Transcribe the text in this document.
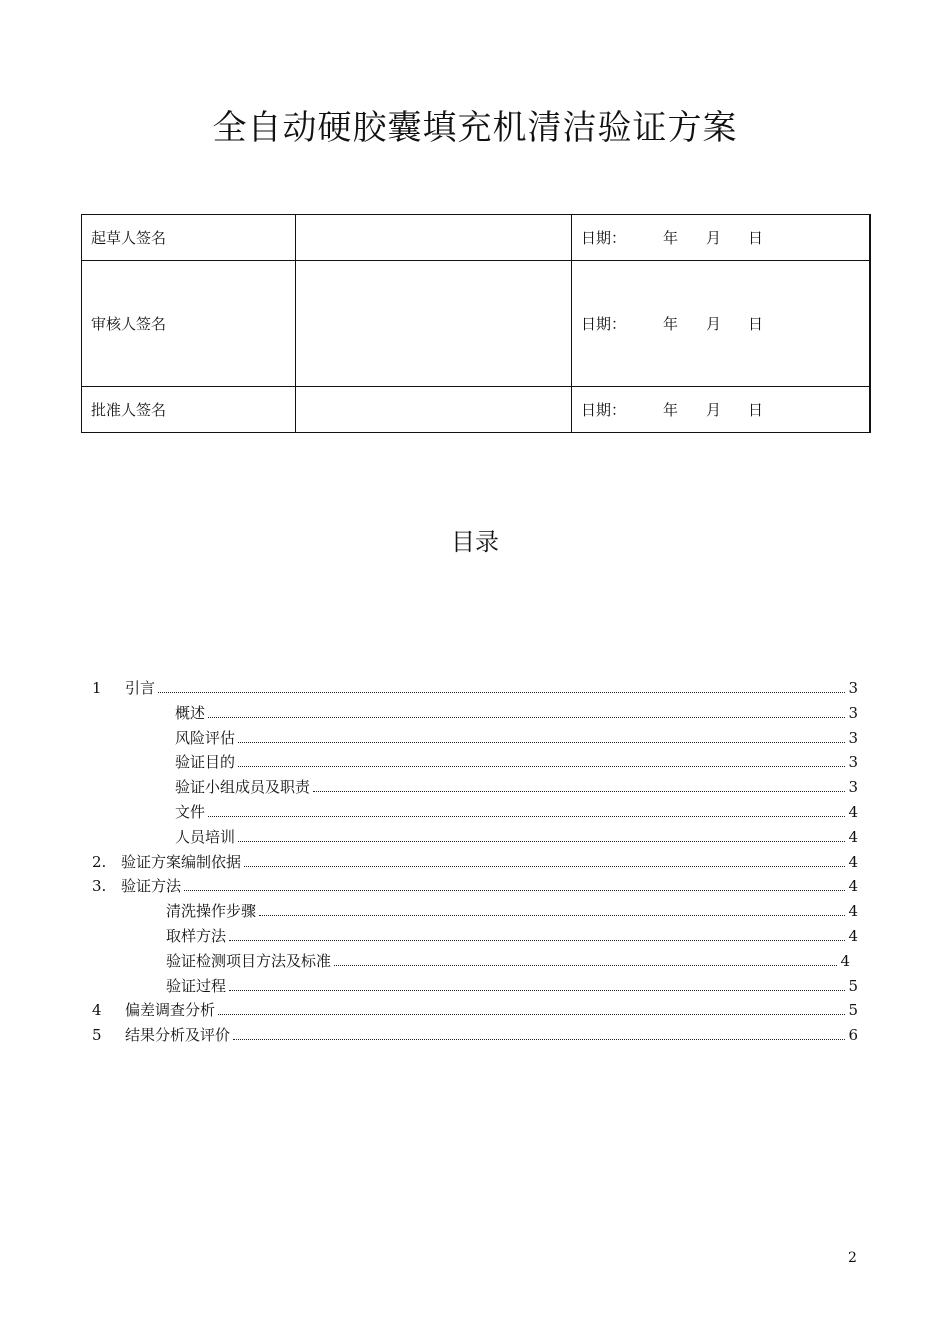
全自动硬胶囊填充机清洁验证方案
起草人签名		日期： 年 月 日
审核人签名		日期： 年 月 日
批准人签名		日期： 年 月 日
目录
1	引言	3
概述	3
风险评估	3
验证目的	3
验证小组成员及职责	3
文件	4
人员培训	4
2. 验证方案编制依据	4
3. 验证方法	4
清洗操作步骤	4
取样方法	4
验证检测项目方法及标准	4
验证过程	5
4	偏差调查分析	5
5	结果分析及评价	6
2
